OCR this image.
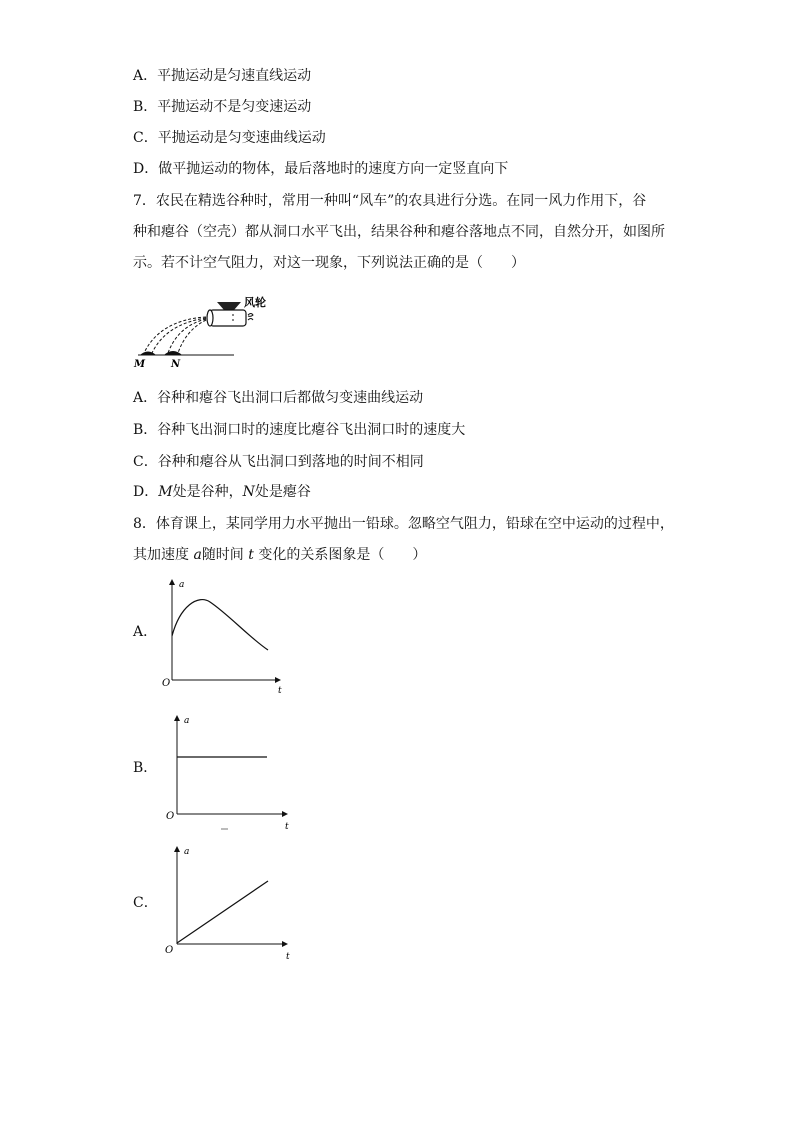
A．平抛运动是匀速直线运动
B．平抛运动不是匀变速运动
C．平抛运动是匀变速曲线运动
D．做平抛运动的物体，最后落地时的速度方向一定竖直向下
7．农民在精选谷种时，常用一种叫“风车”的农具进行分选。在同一风力作用下，谷
种和瘪谷（空壳）都从洞口水平飞出，结果谷种和瘪谷落地点不同，自然分开，如图所
示。若不计空气阻力，对这一现象，下列说法正确的是（　　）
风轮
M	N
A．谷种和瘪谷飞出洞口后都做匀变速曲线运动
B．谷种飞出洞口时的速度比瘪谷飞出洞口时的速度大
C．谷种和瘪谷从飞出洞口到落地的时间不相同
D．M处是谷种，N处是瘪谷
8．体育课上，某同学用力水平抛出一铅球。忽略空气阻力，铅球在空中运动的过程中，
其加速度 a随时间 t 变化的关系图象是（　　）
A．
a
t
O
B．
a
t
O
C．
a
t
O
